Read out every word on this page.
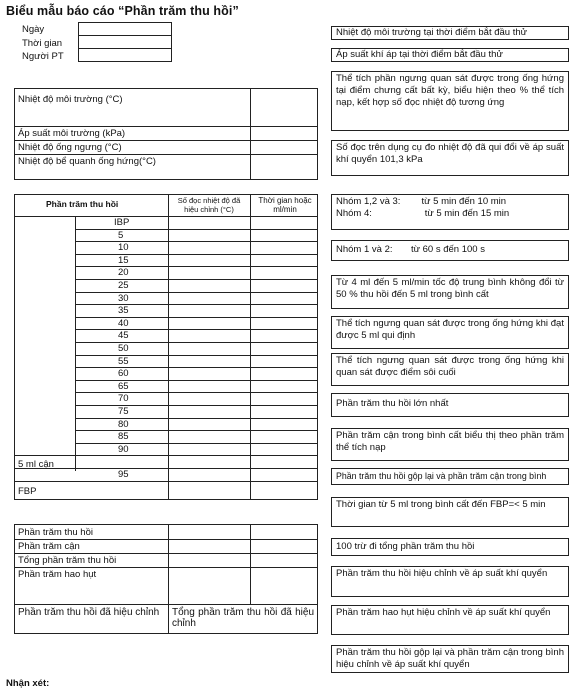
Biểu mẫu báo cáo “Phần trăm thu hồi”
Ngày
Thời gian
Người PT
Nhiệt độ môi trường (°C)
Áp suất môi trường (kPa)
Nhiệt độ ống ngưng (°C)
Nhiệt độ bể quanh ống hứng(°C)
Phần trăm thu hồi	Số đọc nhiệt độ đã hiệu chỉnh (°C)
Thời gian hoặc ml/min
IBP
5
10
15
20
25
30
35
40
45
50
55
60
65
70
75
80
85
90
95
5 ml cận
FBP
Phần trăm thu hồi
Phần trăm cận
Tổng phần trăm thu hồi
Phần trăm hao hụt
Phần trăm thu hồi đã hiệu chỉnh	Tổng phần trăm thu hồi đã hiệu chỉnh
Nhận xét:
Nhiệt độ môi trường tại thời điểm bắt đầu thử
Áp suất khí áp tại thời điểm bắt đầu thử
Thể tích phần ngưng quan sát được trong ống hứng tại điểm chưng cất bất kỳ, biểu hiện theo % thể tích nạp, kết hợp số đọc nhiệt độ tương ứng
Số đọc trên dụng cụ đo nhiệt độ đã qui đổi về áp suất khí quyển 101,3 kPa
Nhóm 1,2 và 3:        từ 5 min đến 10 min
Nhóm 4:                    từ 5 min đến 15 min
Nhóm 1 và 2:       từ 60 s đến 100 s
Từ 4 ml đến 5 ml/min tốc độ trung bình không đổi từ 50 % thu hồi đến 5 ml trong bình cất
Thể tích ngưng quan sát được trong ống hứng khi đạt được 5 ml qui định
Thể tích ngưng quan sát được trong ống hứng khi quan sát được điểm sôi cuối
Phần trăm thu hồi lớn nhất
Phần trăm cận trong bình cất biểu thị theo phần trăm thể tích nạp
Phần trăm thu hồi gộp lại và phần trăm cận trong bình
Thời gian từ 5 ml trong bình cất đến FBP=< 5 min
100 trừ đi tổng phần trăm thu hồi
Phần trăm thu hồi hiệu chỉnh về áp suất khí quyển
Phần trăm hao hụt hiệu chỉnh về áp suất khí quyển
Phần trăm thu hồi gộp lại và phần trăm cận trong bình hiệu chỉnh về áp suất khí quyển
